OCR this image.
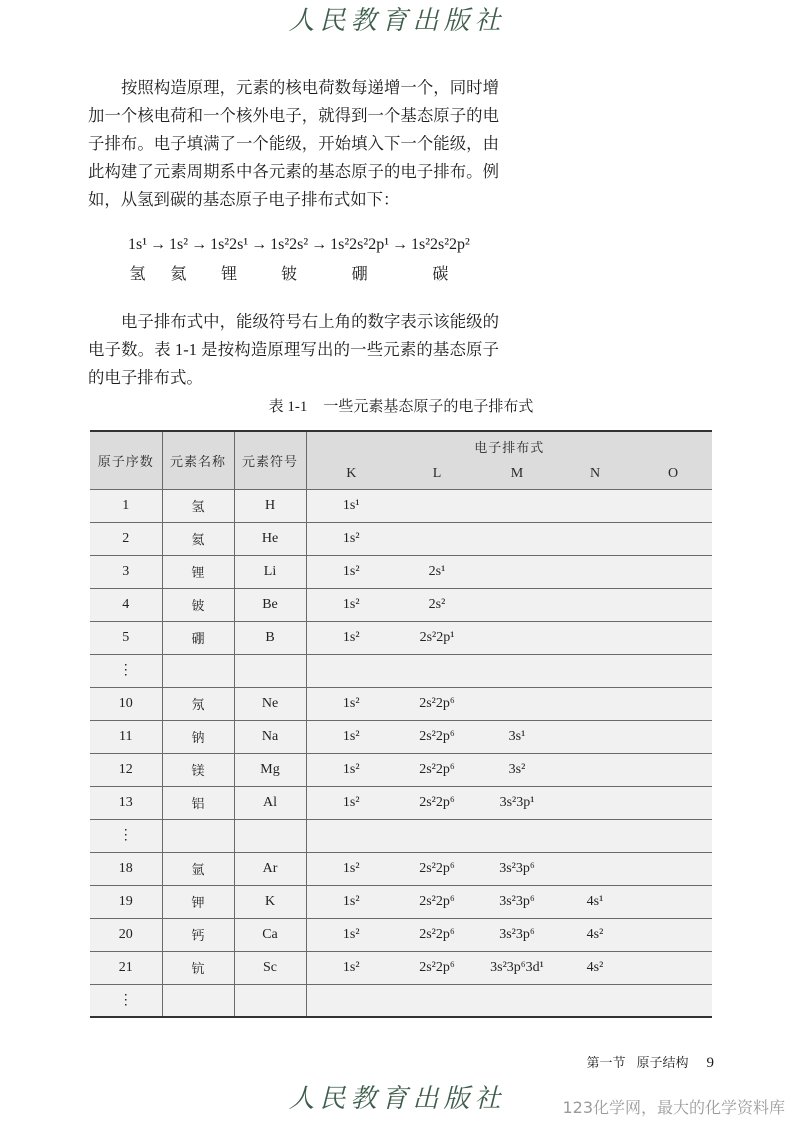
人民教育出版社
按照构造原理，元素的核电荷数每递增一个，同时增
加一个核电荷和一个核外电子，就得到一个基态原子的电
子排布。电子填满了一个能级，开始填入下一个能级，由
此构建了元素周期系中各元素的基态原子的电子排布。例
如，从氢到碳的基态原子电子排布式如下：
1s¹
氢
→ 1s²
氦
→ 1s²2s¹
锂
→ 1s²2s²
铍
→ 1s²2s²2p¹
硼
→ 1s²2s²2p²
碳
电子排布式中，能级符号右上角的数字表示该能级的
电子数。表 1-1 是按构造原理写出的一些元素的基态原子
的电子排布式。
表 1-1 一些元素基态原子的电子排布式
原子序数	元素名称	元素符号	电子排布式				
			K	L	M	N	O
1	氢	H	1s¹				
2	氦	He	1s²				
3	锂	Li	1s²	2s¹			
4	铍	Be	1s²	2s²			
5	硼	B	1s²	2s²2p¹			
⋮							
10	氖	Ne	1s²	2s²2p⁶			
11	钠	Na	1s²	2s²2p⁶	3s¹		
12	镁	Mg	1s²	2s²2p⁶	3s²		
13	铝	Al	1s²	2s²2p⁶	3s²3p¹		
⋮							
18	氩	Ar	1s²	2s²2p⁶	3s²3p⁶		
19	钾	K	1s²	2s²2p⁶	3s²3p⁶	4s¹	
20	钙	Ca	1s²	2s²2p⁶	3s²3p⁶	4s²	
21	钪	Sc	1s²	2s²2p⁶	3s²3p⁶3d¹	4s²	
⋮							
第一节 原子结构 9
人民教育出版社	123化学网，最大的化学资料库
